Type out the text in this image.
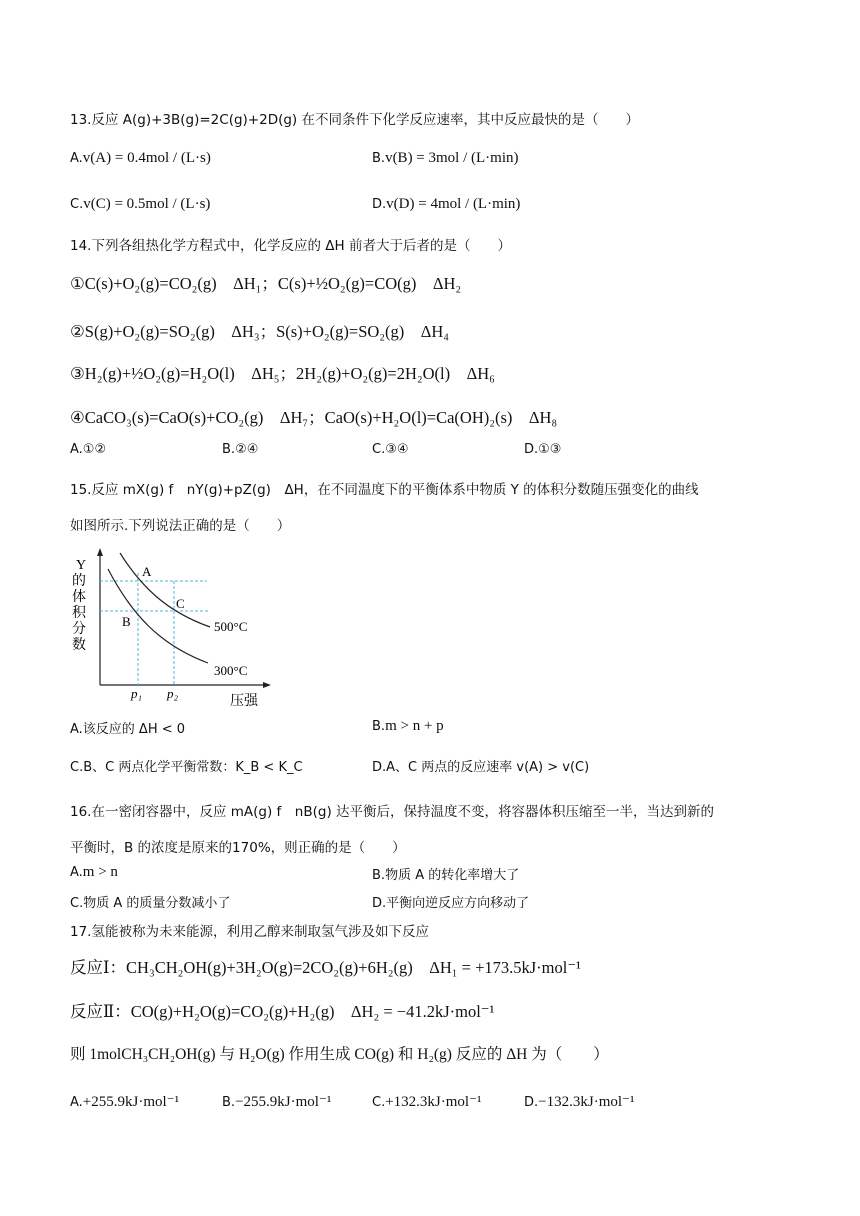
13.反应 A(g)+3B(g)=2C(g)+2D(g) 在不同条件下化学反应速率，其中反应最快的是（　　）
A.v(A) = 0.4mol / (L·s)	B.v(B) = 3mol / (L·min)
C.v(C) = 0.5mol / (L·s)	D.v(D) = 4mol / (L·min)
14.下列各组热化学方程式中，化学反应的 ΔH 前者大于后者的是（　　）
①C(s)+O₂(g)=CO₂(g)　ΔH₁；C(s)+½O₂(g)=CO(g)　ΔH₂
②S(g)+O₂(g)=SO₂(g)　ΔH₃；S(s)+O₂(g)=SO₂(g)　ΔH₄
③H₂(g)+½O₂(g)=H₂O(l)　ΔH₅；2H₂(g)+O₂(g)=2H₂O(l)　ΔH₆
④CaCO₃(s)=CaO(s)+CO₂(g)　ΔH₇；CaO(s)+H₂O(l)=Ca(OH)₂(s)　ΔH₈
A.①②	B.②④	C.③④	D.①③
15.反应 mX(g) f　nY(g)+pZ(g)　ΔH，在不同温度下的平衡体系中物质 Y 的体积分数随压强变化的曲线
如图所示.下列说法正确的是（　　）
Y
的
体
积
分
数
A
B
C
500°C
300°C
p₁ p₂
压强
A.该反应的 ΔH < 0	B.m > n + p
C.B、C 两点化学平衡常数：K_B < K_C	D.A、C 两点的反应速率 v(A) > v(C)
16.在一密闭容器中，反应 mA(g) f　nB(g) 达平衡后，保持温度不变，将容器体积压缩至一半，当达到新的
平衡时，B 的浓度是原来的170%，则正确的是（　　）
A.m > n	B.物质 A 的转化率增大了
C.物质 A 的质量分数减小了	D.平衡向逆反应方向移动了
17.氢能被称为未来能源，利用乙醇来制取氢气涉及如下反应
反应Ⅰ：CH₃CH₂OH(g)+3H₂O(g)=2CO₂(g)+6H₂(g)　ΔH₁ = +173.5kJ·mol⁻¹
反应Ⅱ：CO(g)+H₂O(g)=CO₂(g)+H₂(g)　ΔH₂ = −41.2kJ·mol⁻¹
则 1molCH₃CH₂OH(g) 与 H₂O(g) 作用生成 CO(g) 和 H₂(g) 反应的 ΔH 为（　　）
A.+255.9kJ·mol⁻¹	B.−255.9kJ·mol⁻¹	C.+132.3kJ·mol⁻¹	D.−132.3kJ·mol⁻¹
